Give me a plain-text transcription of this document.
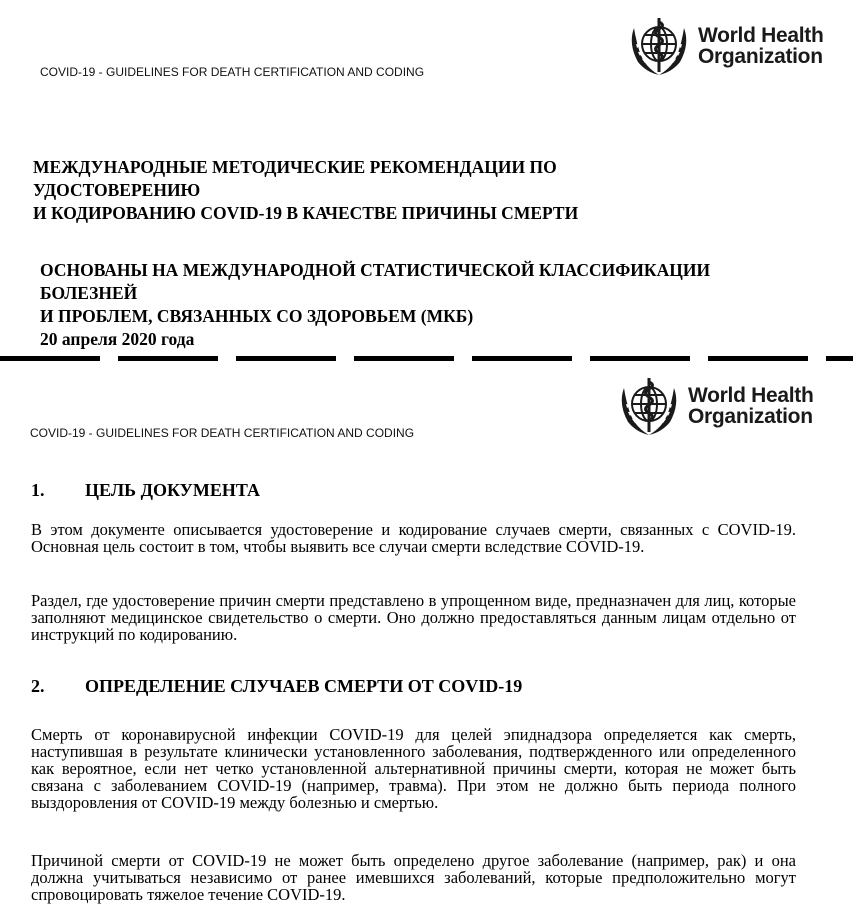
COVID-19 - GUIDELINES FOR DEATH CERTIFICATION AND CODING
World Health
Organization
МЕЖДУНАРОДНЫЕ МЕТОДИЧЕСКИЕ РЕКОМЕНДАЦИИ ПО
УДОСТОВЕРЕНИЮ
И КОДИРОВАНИЮ COVID-19 В КАЧЕСТВЕ ПРИЧИНЫ СМЕРТИ
ОСНОВАНЫ НА МЕЖДУНАРОДНОЙ СТАТИСТИЧЕСКОЙ КЛАССИФИКАЦИИ
БОЛЕЗНЕЙ
И ПРОБЛЕМ, СВЯЗАННЫХ СО ЗДОРОВЬЕМ (МКБ)
20 апреля 2020 года
COVID-19 - GUIDELINES FOR DEATH CERTIFICATION AND CODING
World Health
Organization
1. ЦЕЛЬ ДОКУМЕНТА
В этом документе описывается удостоверение и кодирование случаев смерти, связанных с COVID-19. Основная цель состоит в том, чтобы выявить все случаи смерти вследствие COVID-19.
Раздел, где удостоверение причин смерти представлено в упрощенном виде, предназначен для лиц, которые заполняют медицинское свидетельство о смерти. Оно должно предоставляться данным лицам отдельно от инструкций по кодированию.
2. ОПРЕДЕЛЕНИЕ СЛУЧАЕВ СМЕРТИ ОТ COVID-19
Смерть от коронавирусной инфекции COVID-19 для целей эпиднадзора определяется как смерть, наступившая в результате клинически установленного заболевания, подтвержденного или определенного как вероятное, если нет четко установленной альтернативной причины смерти, которая не может быть связана с заболеванием COVID-19 (например, травма). При этом не должно быть периода полного выздоровления от COVID-19 между болезнью и смертью.
Причиной смерти от COVID-19 не может быть определено другое заболевание (например, рак) и она должна учитываться независимо от ранее имевшихся заболеваний, которые предположительно могут спровоцировать тяжелое течение COVID-19.
